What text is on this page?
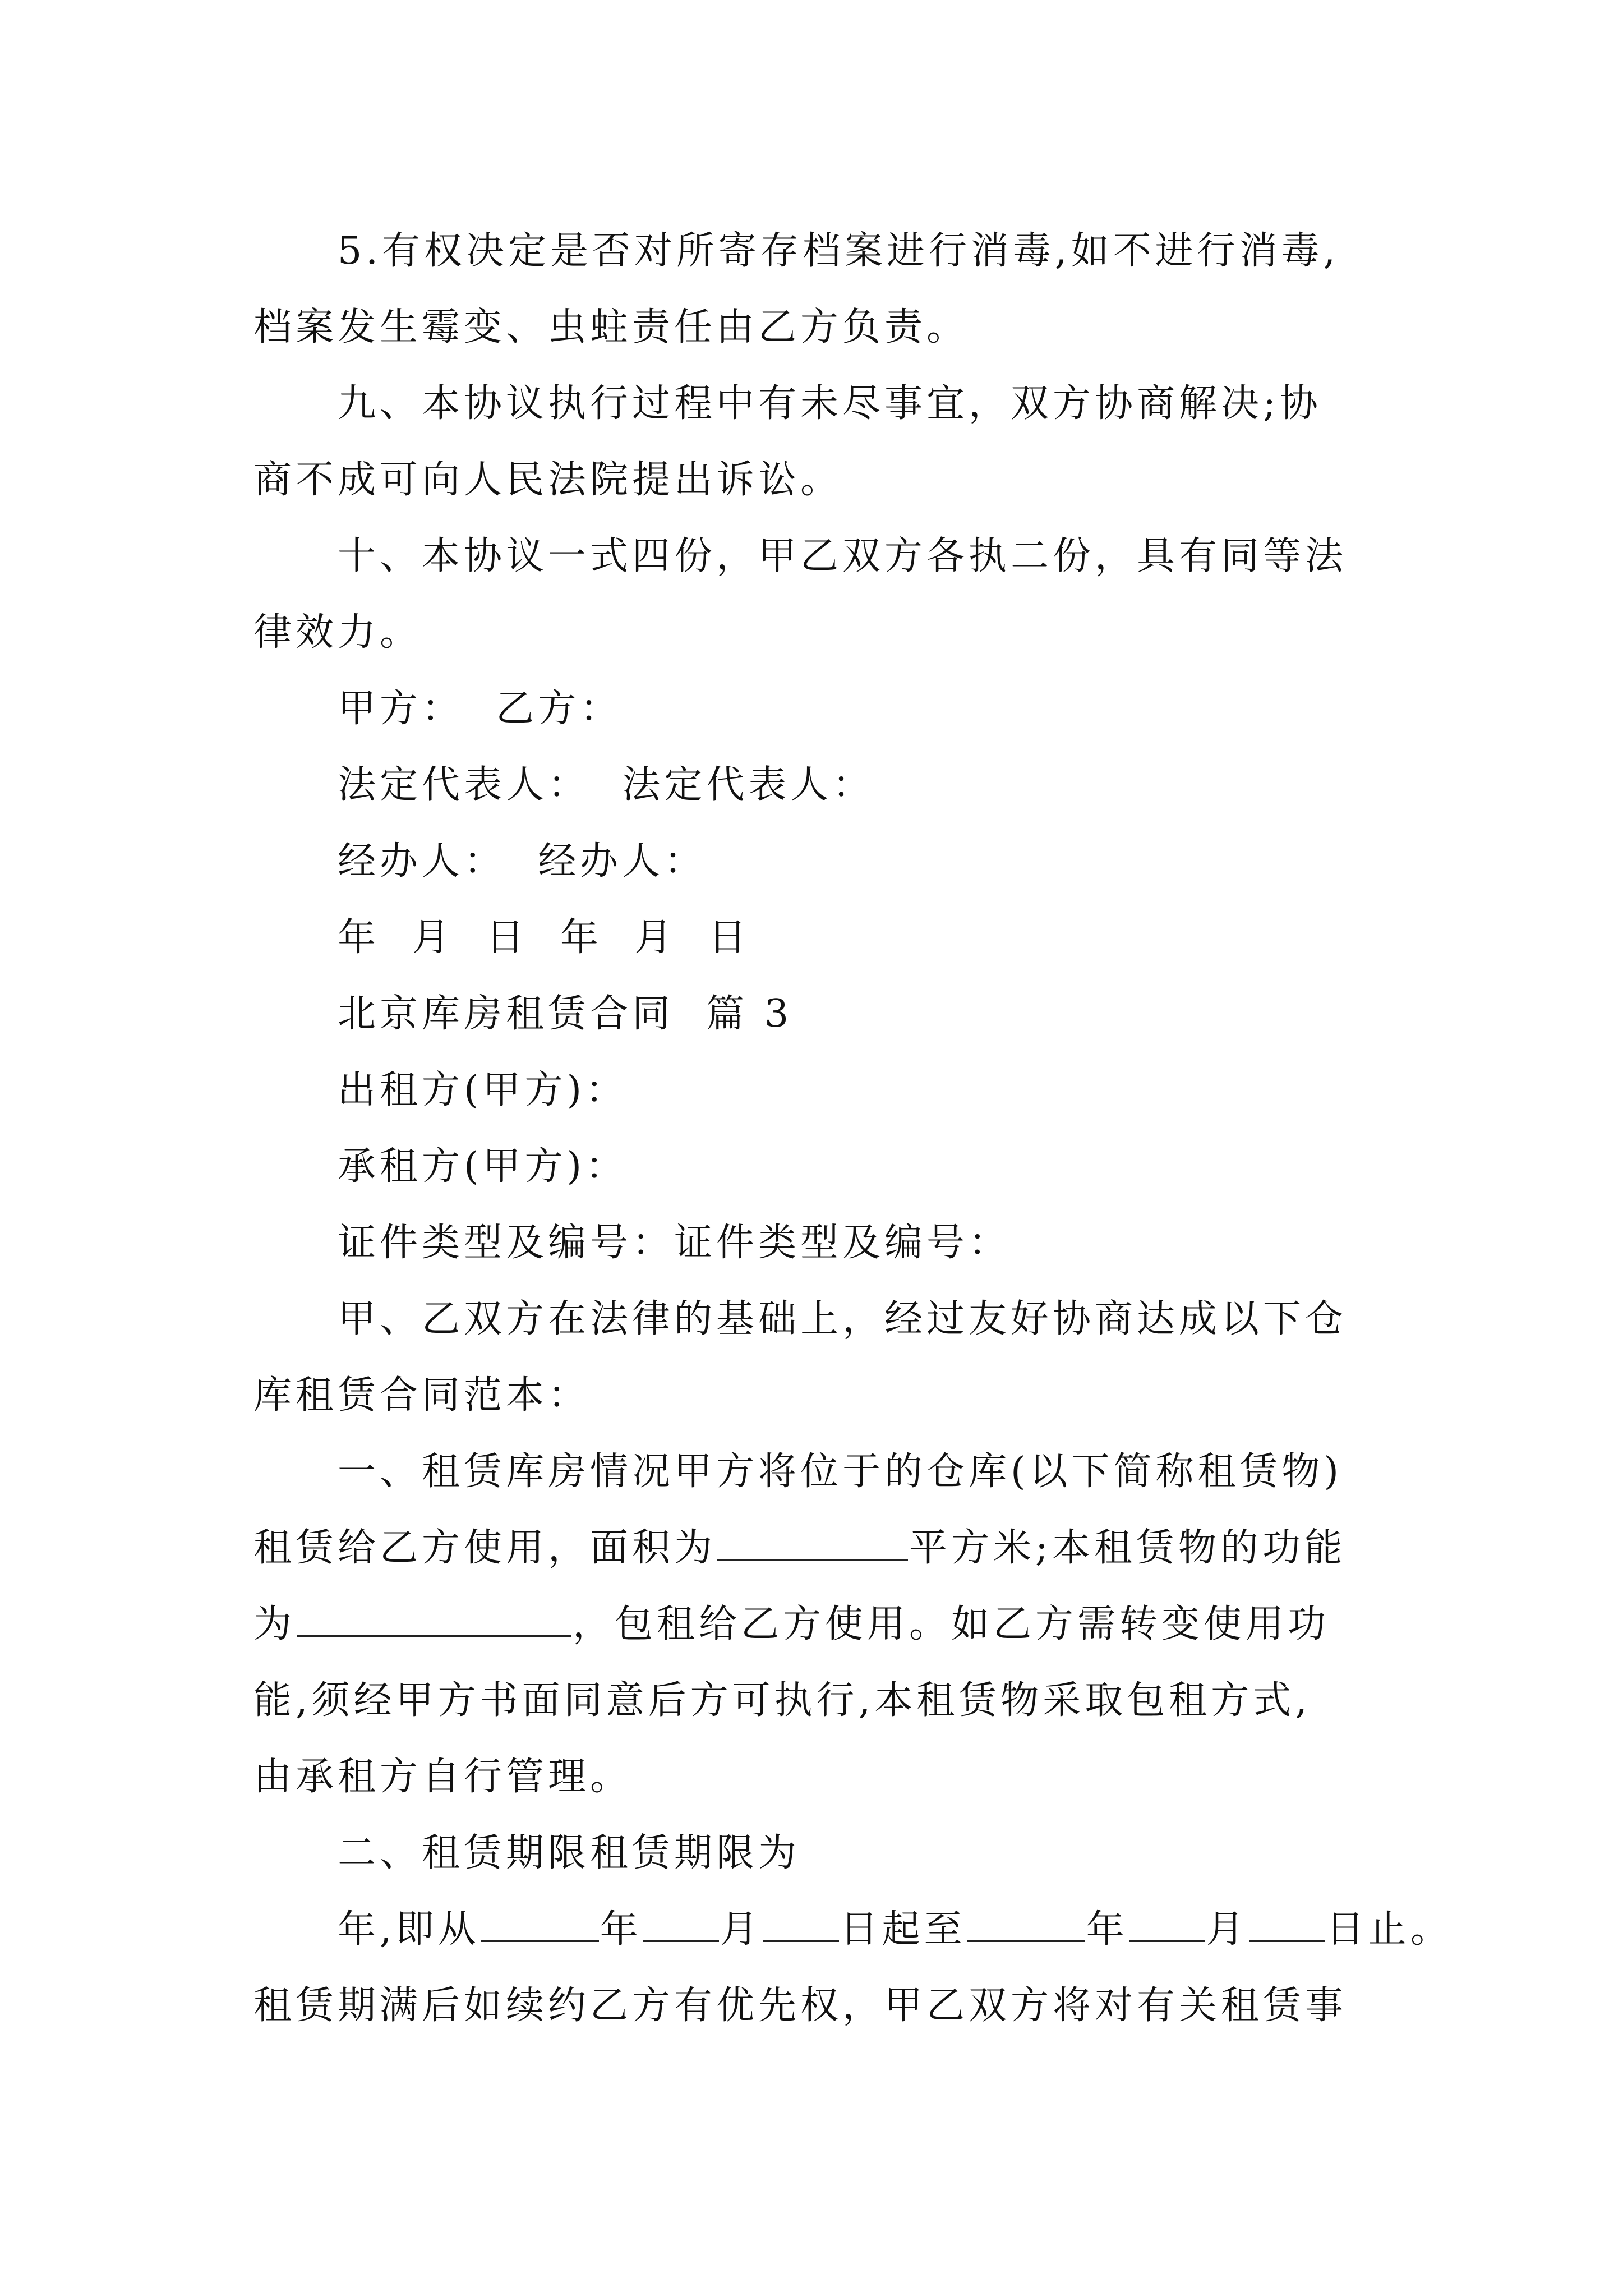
5.有权决定是否对所寄存档案进行消毒,如不进行消毒,
档案发生霉变、虫蛀责任由乙方负责。
九、本协议执行过程中有未尽事宜，双方协商解决;协
商不成可向人民法院提出诉讼。
十、本协议一式四份，甲乙双方各执二份，具有同等法
律效力。
甲方：  乙方：
法定代表人：  法定代表人：
经办人：  经办人：
年  月  日  年  月  日
北京库房租赁合同  篇 3
出租方(甲方)：
承租方(甲方)：
证件类型及编号：证件类型及编号：
甲、乙双方在法律的基础上，经过友好协商达成以下仓
库租赁合同范本：
一、租赁库房情况甲方将位于的仓库(以下简称租赁物)
租赁给乙方使用，面积为	平方米;本租赁物的功能
为	，包租给乙方使用。如乙方需转变使用功
能,须经甲方书面同意后方可执行,本租赁物采取包租方式,
由承租方自行管理。
二、租赁期限租赁期限为
年,即从	年 月 日起至	年 月 日止。
租赁期满后如续约乙方有优先权，甲乙双方将对有关租赁事
